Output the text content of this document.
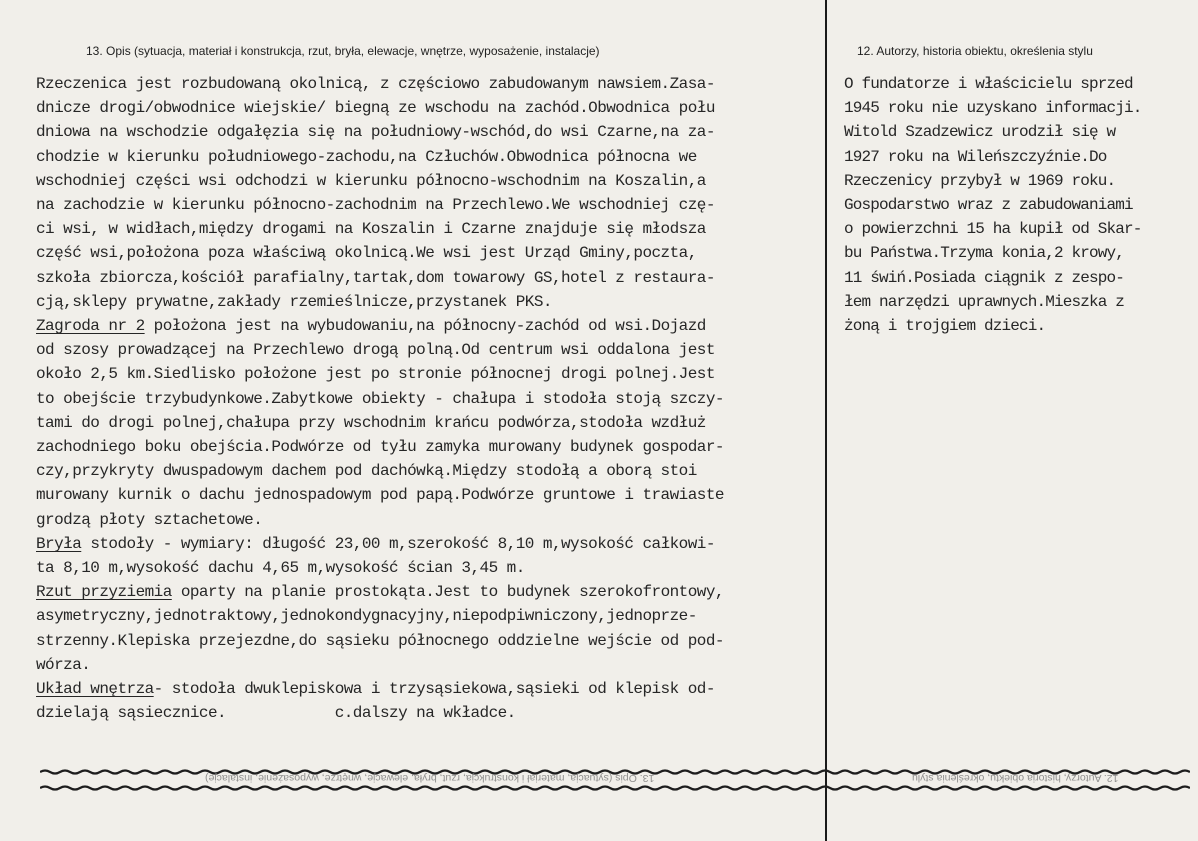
13. Opis (sytuacja, materiał i konstrukcja, rzut, bryła, elewacje, wnętrze, wyposażenie, instalacje)	12. Autorzy, historia obiektu, określenia stylu
Rzeczenica jest rozbudowaną okolnicą, z częściowo zabudowanym nawsiem.Zasa-
dnicze drogi/obwodnice wiejskie/ biegną ze wschodu na zachód.Obwodnica połu
dniowa na wschodzie odgałęzia się na południowy-wschód,do wsi Czarne,na za-
chodzie w kierunku południowego-zachodu,na Człuchów.Obwodnica północna we
wschodniej części wsi odchodzi w kierunku północno-wschodnim na Koszalin,a
na zachodzie w kierunku północno-zachodnim na Przechlewo.We wschodniej czę-
ci wsi, w widłach,między drogami na Koszalin i Czarne znajduje się młodsza
część wsi,położona poza właściwą okolnicą.We wsi jest Urząd Gminy,poczta,
szkoła zbiorcza,kościół parafialny,tartak,dom towarowy GS,hotel z restaura-
cją,sklepy prywatne,zakłady rzemieślnicze,przystanek PKS.
Zagroda nr 2 położona jest na wybudowaniu,na północny-zachód od wsi.Dojazd
od szosy prowadzącej na Przechlewo drogą polną.Od centrum wsi oddalona jest
około 2,5 km.Siedlisko położone jest po stronie północnej drogi polnej.Jest
to obejście trzybudynkowe.Zabytkowe obiekty - chałupa i stodoła stoją szczy-
tami do drogi polnej,chałupa przy wschodnim krańcu podwórza,stodoła wzdłuż
zachodniego boku obejścia.Podwórze od tyłu zamyka murowany budynek gospodar-
czy,przykryty dwuspadowym dachem pod dachówką.Między stodołą a oborą stoi
murowany kurnik o dachu jednospadowym pod papą.Podwórze gruntowe i trawiaste
grodzą płoty sztachetowe.
Bryła stodoły - wymiary: długość 23,00 m,szerokość 8,10 m,wysokość całkowi-
ta 8,10 m,wysokość dachu 4,65 m,wysokość ścian 3,45 m.
Rzut przyziemia oparty na planie prostokąta.Jest to budynek szerokofrontowy,
asymetryczny,jednotraktowy,jednokondygnacyjny,niepodpiwniczony,jednoprze-
strzenny.Klepiska przejezdne,do sąsieku północnego oddzielne wejście od pod-
wórza.
Układ wnętrza- stodoła dwuklepiskowa i trzysąsiekowa,sąsieki od klepisk od-
dzielają sąsiecznice.            c.dalszy na wkładce.
O fundatorze i właścicielu sprzed
1945 roku nie uzyskano informacji.
Witold Szadzewicz urodził się w
1927 roku na Wileńszczyźnie.Do
Rzeczenicy przybył w 1969 roku.
Gospodarstwo wraz z zabudowaniami
o powierzchni 15 ha kupił od Skar-
bu Państwa.Trzyma konia,2 krowy,
11 świń.Posiada ciągnik z zespo-
łem narzędzi uprawnych.Mieszka z
żoną i trojgiem dzieci.
13. Opis (sytuacja, materiał i konstrukcja, rzut, bryła, elewacje, wnętrze, wyposażenie, instalacje)	12. Autorzy, historia obiektu, określenia stylu
